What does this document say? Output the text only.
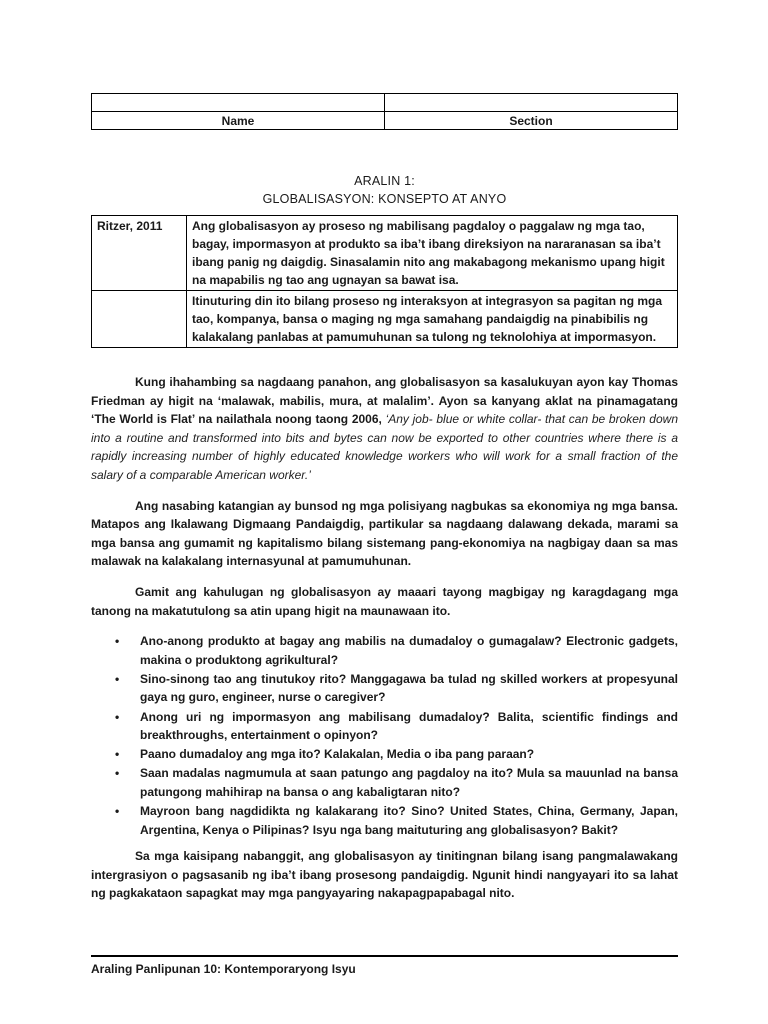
Name	Section
ARALIN 1:
GLOBALISASYON: KONSEPTO AT ANYO
Ritzer, 2011	Ang globalisasyon ay proseso ng mabilisang pagdaloy o paggalaw ng mga tao, bagay, impormasyon at produkto sa iba’t ibang direksiyon na nararanasan sa iba’t ibang panig ng daigdig. Sinasalamin nito ang makabagong mekanismo upang higit na mapabilis ng tao ang ugnayan sa bawat isa.
	Itinuturing din ito bilang proseso ng interaksyon at integrasyon sa pagitan ng mga tao, kompanya, bansa o maging ng mga samahang pandaigdig na pinabibilis ng kalakalang panlabas at pamumuhunan sa tulong ng teknolohiya at impormasyon.

Kung ihahambing sa nagdaang panahon, ang globalisasyon sa kasalukuyan ayon kay Thomas Friedman ay higit na ‘malawak, mabilis, mura, at malalim’. Ayon sa kanyang aklat na pinamagatang ‘The World is Flat’ na nailathala noong taong 2006, ‘Any job- blue or white collar- that can be broken down into a routine and transformed into bits and bytes can now be exported to other countries where there is a rapidly increasing number of highly educated knowledge workers who will work for a small fraction of the salary of a comparable American worker.’

Ang nasabing katangian ay bunsod ng mga polisiyang nagbukas sa ekonomiya ng mga bansa. Matapos ang Ikalawang Digmaang Pandaigdig, partikular sa nagdaang dalawang dekada, marami sa mga bansa ang gumamit ng kapitalismo bilang sistemang pang-ekonomiya na nagbigay daan sa mas malawak na kalakalang internasyunal at pamumuhunan.

Gamit ang kahulugan ng globalisasyon ay maaari tayong magbigay ng karagdagang mga tanong na makatutulong sa atin upang higit na maunawaan ito.

• Ano-anong produkto at bagay ang mabilis na dumadaloy o gumagalaw? Electronic gadgets, makina o produktong agrikultural?
• Sino-sinong tao ang tinutukoy rito? Manggagawa ba tulad ng skilled workers at propesyunal gaya ng guro, engineer, nurse o caregiver?
• Anong uri ng impormasyon ang mabilisang dumadaloy? Balita, scientific findings and breakthroughs, entertainment o opinyon?
• Paano dumadaloy ang mga ito? Kalakalan, Media o iba pang paraan?
• Saan madalas nagmumula at saan patungo ang pagdaloy na ito? Mula sa mauunlad na bansa patungong mahihirap na bansa o ang kabaligtaran nito?
• Mayroon bang nagdidikta ng kalakarang ito? Sino? United States, China, Germany, Japan, Argentina, Kenya o Pilipinas? Isyu nga bang maituturing ang globalisasyon? Bakit?

Sa mga kaisipang nabanggit, ang globalisasyon ay tinitingnan bilang isang pangmalawakang intergrasiyon o pagsasanib ng iba’t ibang prosesong pandaigdig. Ngunit hindi nangyayari ito sa lahat ng pagkakataon sapagkat may mga pangyayaring nakapagpapabagal nito.

Araling Panlipunan 10: Kontemporaryong Isyu
